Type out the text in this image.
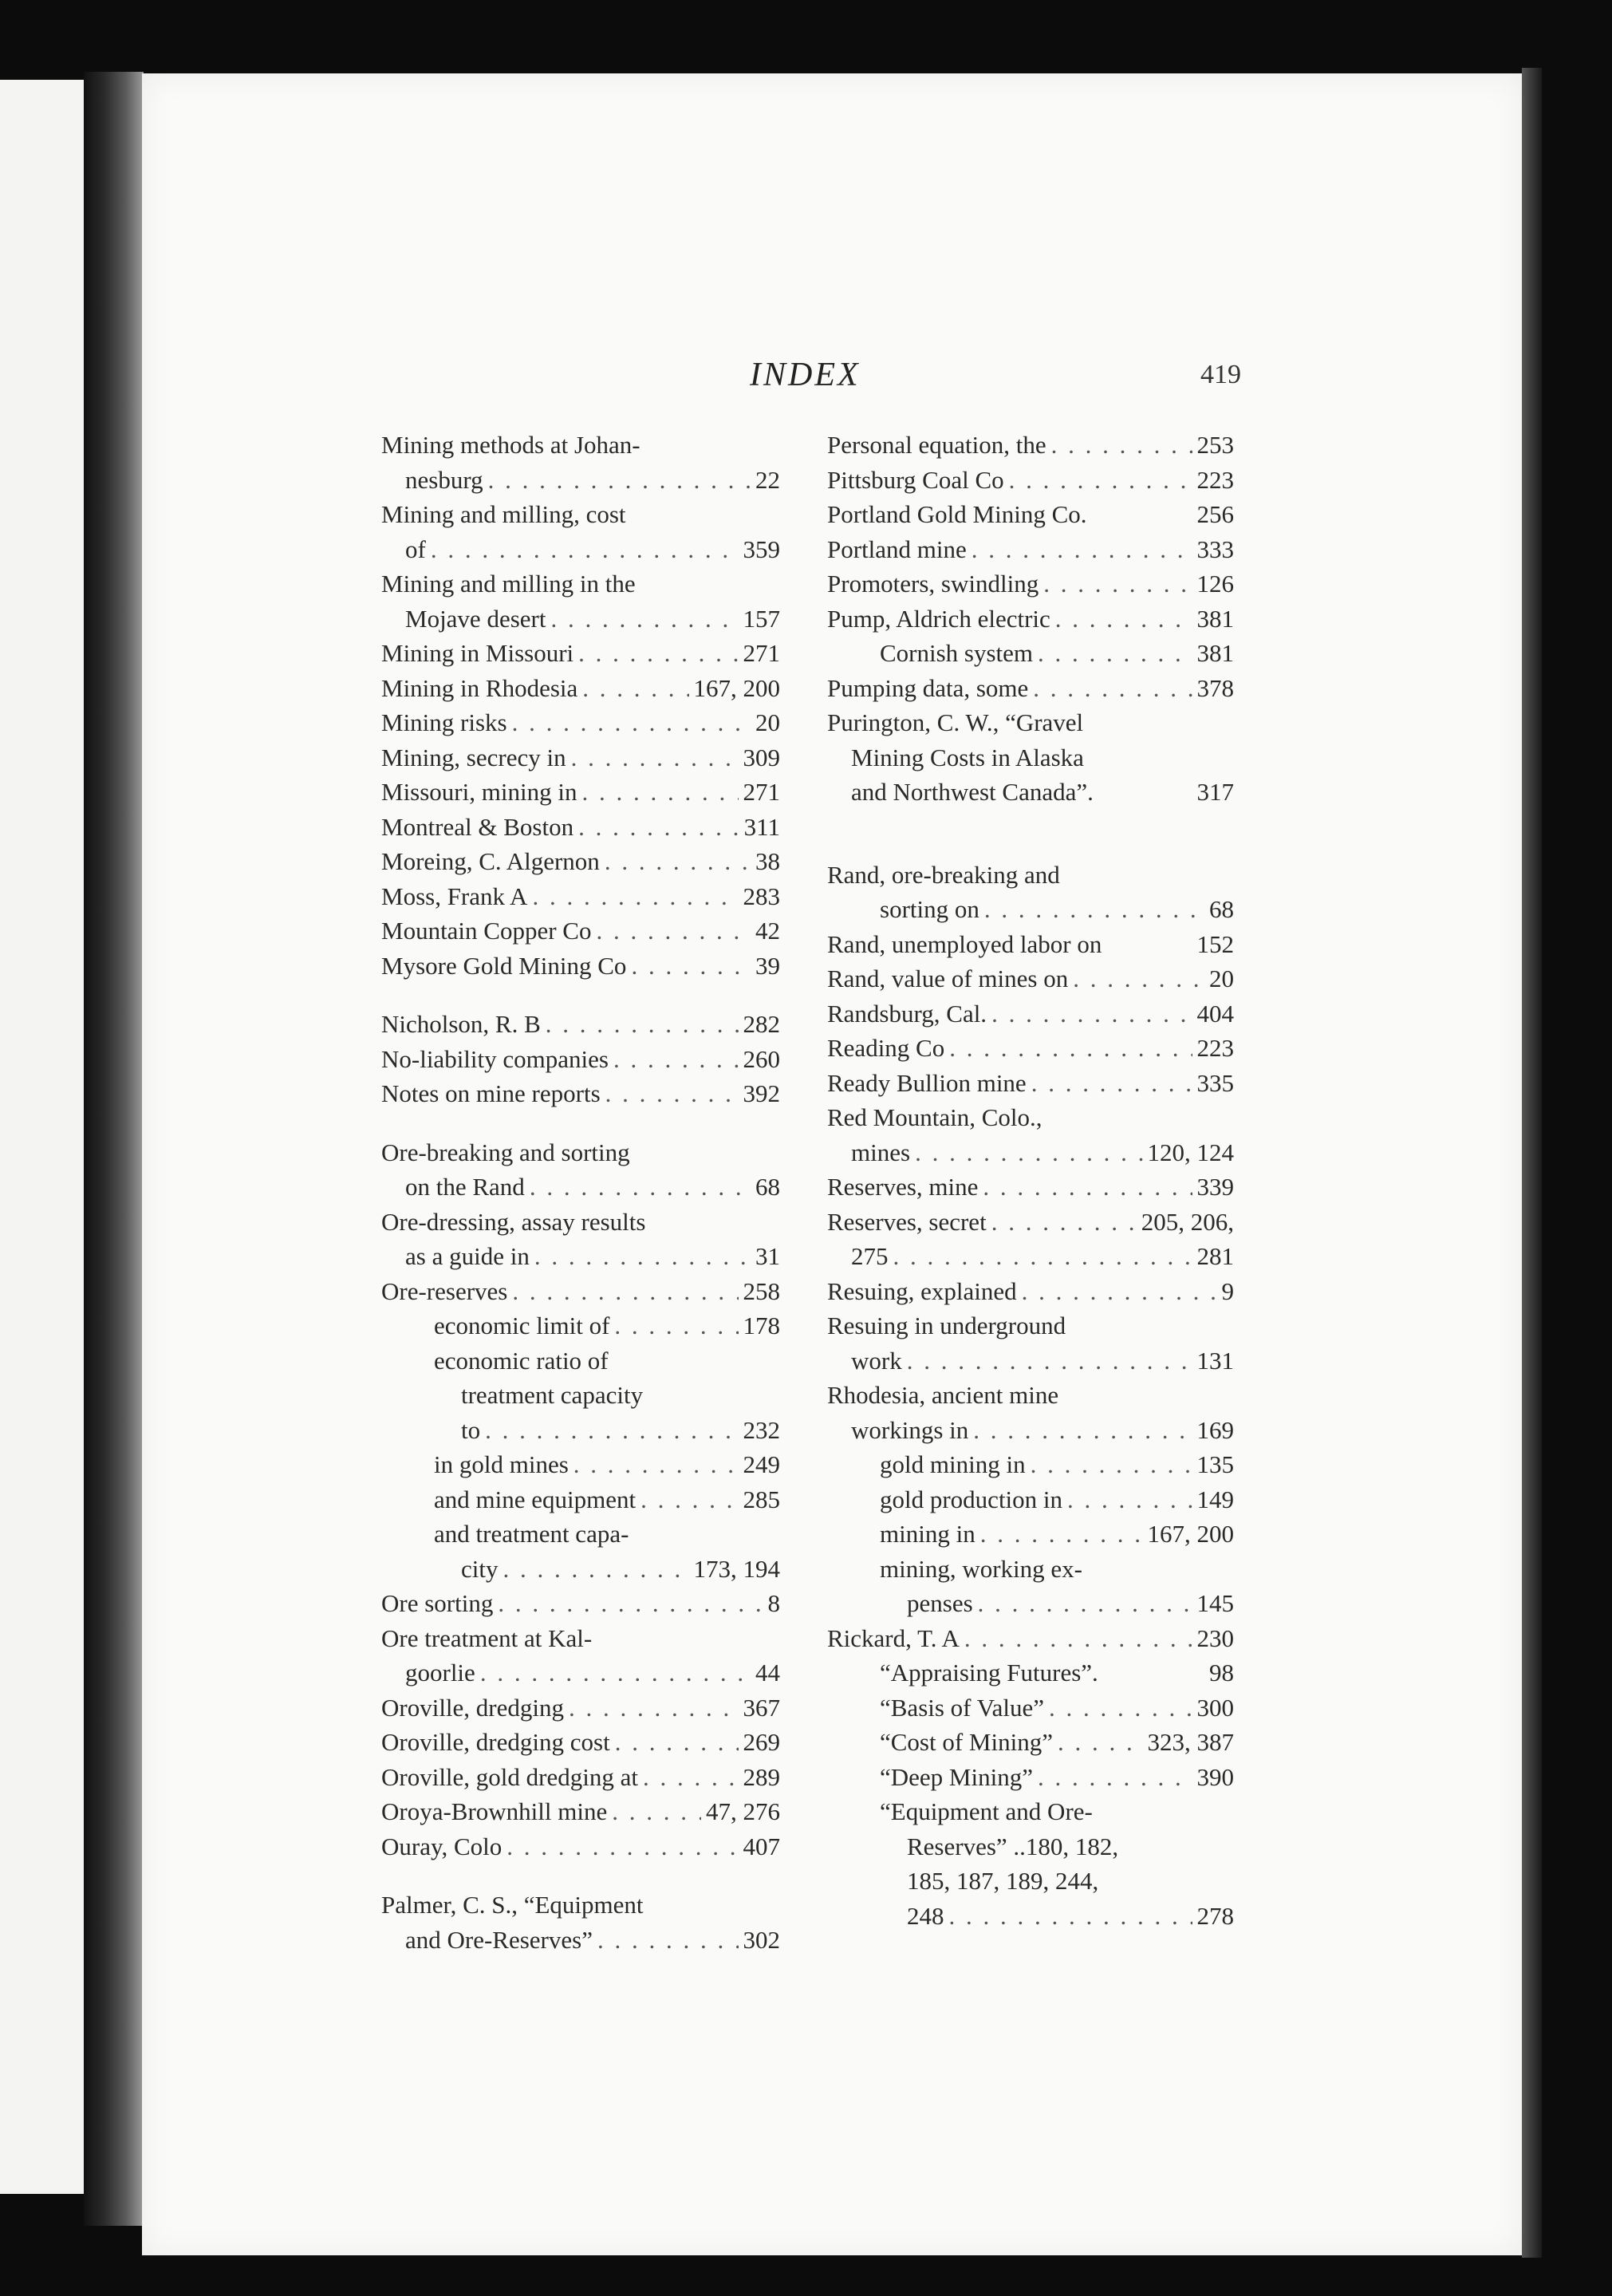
INDEX	419
Mining methods at Johan-
nesburg . . .	22
Mining and milling, cost
of . . .	359
Mining and milling in the
Mojave desert . . .	157
Mining in Missouri . . .	271
Mining in Rhodesia . . .	167, 200
Mining risks . . .	20
Mining, secrecy in . . .	309
Missouri, mining in . . .	271
Montreal & Boston . . .	311
Moreing, C. Algernon . . .	38
Moss, Frank A . . .	283
Mountain Copper Co . . .	42
Mysore Gold Mining Co . . .	39
Nicholson, R. B . . .	282
No-liability companies . . .	260
Notes on mine reports . . .	392
Ore-breaking and sorting
on the Rand . . .	68
Ore-dressing, assay results
as a guide in . . .	31
Ore-reserves . . .	258
economic limit of . . .	178
economic ratio of
treatment capacity
to . . .	232
in gold mines . . .	249
and mine equipment . . .	285
and treatment capa-
city . . .	173, 194
Ore sorting . . .	8
Ore treatment at Kal-
goorlie . . .	44
Oroville, dredging . . .	367
Oroville, dredging cost . . .	269
Oroville, gold dredging at . . .	289
Oroya-Brownhill mine . . .	47, 276
Ouray, Colo . . .	407
Palmer, C. S., “Equipment
and Ore-Reserves” . . .	302
Personal equation, the . . .	253
Pittsburg Coal Co . . .	223
Portland Gold Mining Co.	256
Portland mine . . .	333
Promoters, swindling . . .	126
Pump, Aldrich electric . . .	381
Cornish system . . .	381
Pumping data, some . . .	378
Purington, C. W., “Gravel
Mining Costs in Alaska
and Northwest Canada”.	317
Rand, ore-breaking and
sorting on . . .	68
Rand, unemployed labor on	152
Rand, value of mines on . . .	20
Randsburg, Cal. . . .	404
Reading Co . . .	223
Ready Bullion mine . . .	335
Red Mountain, Colo.,
mines . . .	120, 124
Reserves, mine . . .	339
Reserves, secret . . .	205, 206,
275 . . .	281
Resuing, explained . . .	9
Resuing in underground
work . . .	131
Rhodesia, ancient mine
workings in . . .	169
gold mining in . . .	135
gold production in . . .	149
mining in . . .	167, 200
mining, working ex-
penses . . .	145
Rickard, T. A . . .	230
“Appraising Futures”.	98
“Basis of Value” . . .	300
“Cost of Mining” . . .	323, 387
“Deep Mining” . . .	390
“Equipment and Ore-
Reserves” ..180, 182,
185, 187, 189, 244,
248 . . .	278
